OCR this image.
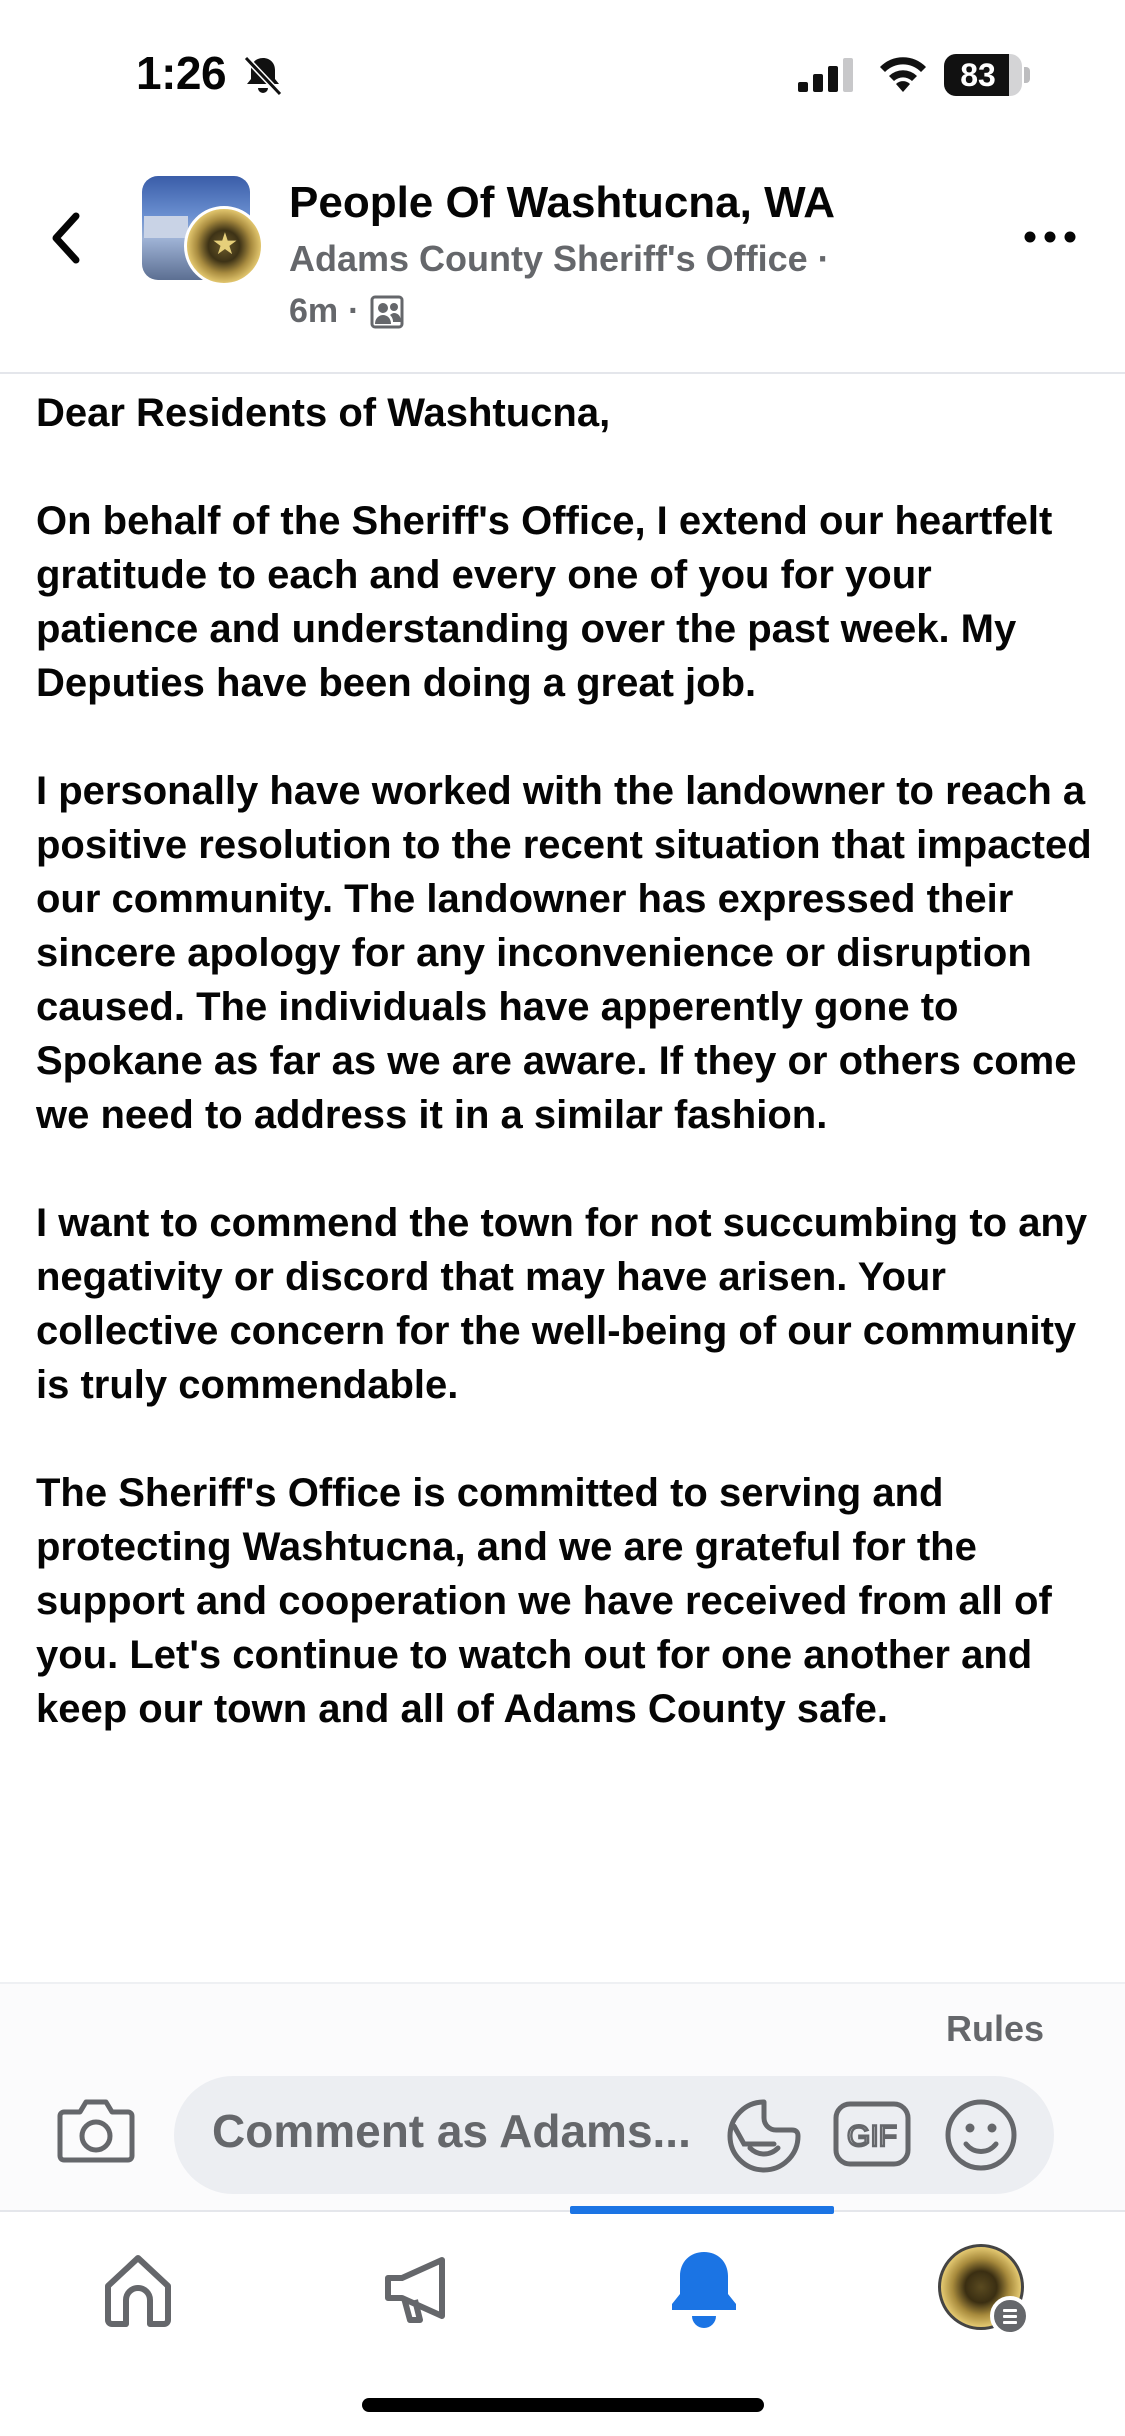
1:26	83
★
People Of Washtucna, WA
Adams County Sheriff's Office ·
6m ·

Dear Residents of Washtucna,

On behalf of the Sheriff's Office, I extend our heartfelt gratitude to each and every one of you for your patience and understanding over the past week. My Deputies have been doing a great job.

I personally have worked with the landowner to reach a positive resolution to the recent situation that impacted our community. The landowner has expressed their sincere apology for any inconvenience or disruption caused. The individuals have apperently gone to Spokane as far as we are aware. If they or others come we need to address it in a similar fashion.

I want to commend the town for not succumbing to any negativity or discord that may have arisen. Your collective concern for the well-being of our community is truly commendable.

The Sheriff's Office is committed to serving and protecting Washtucna, and we are grateful for the support and cooperation we have received from all of you. Let's continue to watch out for one another and keep our town and all of Adams County safe.

Rules
Comment as Adams...	GIF
